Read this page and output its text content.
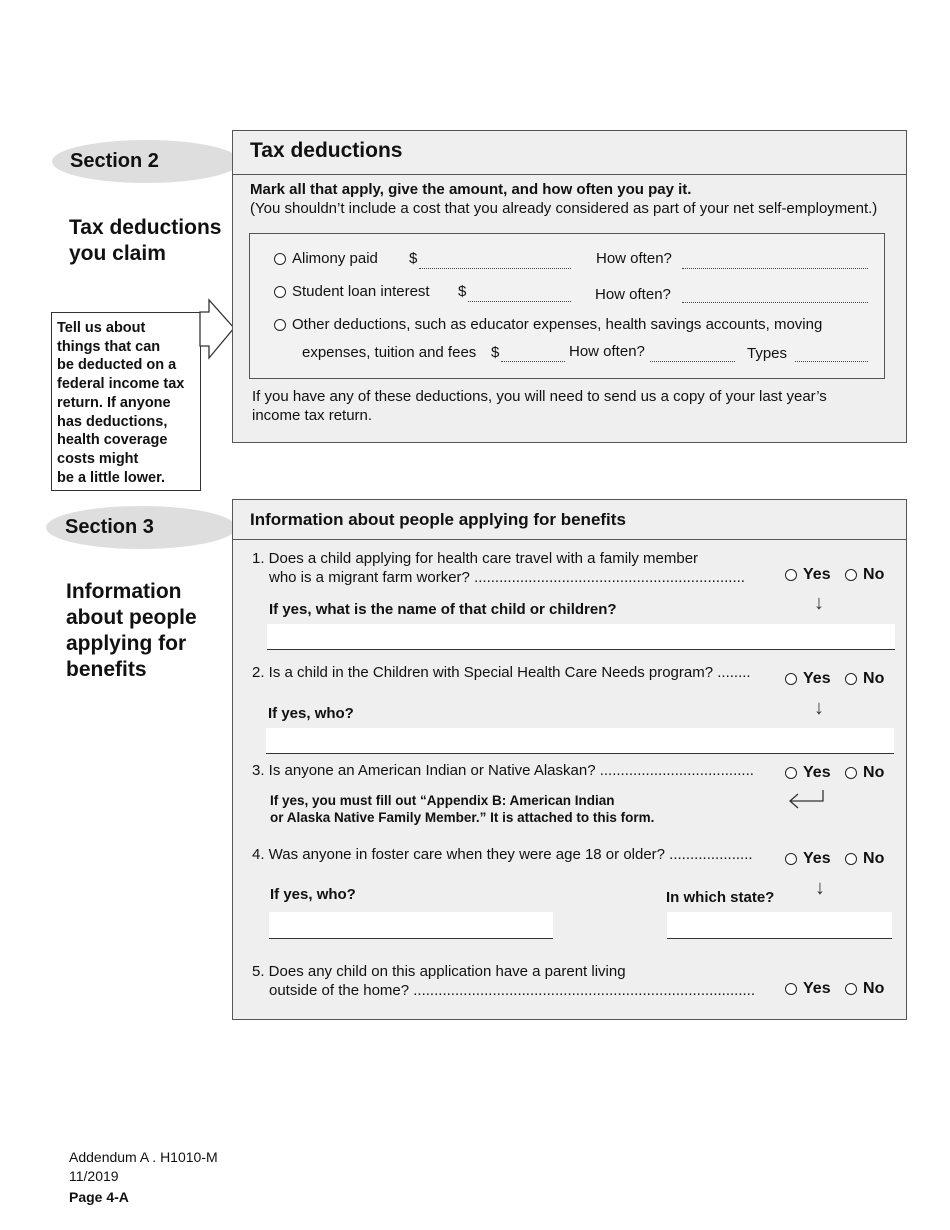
Section 2
Tax deductions
you claim
Tell us about
things that can
be deducted on a
federal income tax
return. If anyone
has deductions,
health coverage
costs might
be a little lower.
Tax deductions
Mark all that apply, give the amount, and how often you pay it.
(You shouldn’t include a cost that you already considered as part of your net self-employment.)
Alimony paid $	How often?
Student loan interest $	How often?
Other deductions, such as educator expenses, health savings accounts, moving
expenses, tuition and fees $	How often?	Types
If you have any of these deductions, you will need to send us a copy of your last year’s
income tax return.
Section 3
Information
about people
applying for
benefits
Information about people applying for benefits
1. Does a child applying for health care travel with a family member
who is a migrant farm worker? .................................................................	Yes No
↓
If yes, what is the name of that child or children?
2. Is a child in the Children with Special Health Care Needs program? ........	Yes No
↓
If yes, who?
3. Is anyone an American Indian or Native Alaskan? .....................................	Yes No
If yes, you must fill out “Appendix B: American Indian
or Alaska Native Family Member.” It is attached to this form.
4. Was anyone in foster care when they were age 18 or older? ....................	Yes No
↓
If yes, who?	In which state?
5. Does any child on this application have a parent living
outside of the home? ..................................................................................	Yes No
Addendum A . H1010-M
11/2019
Page 4-A
